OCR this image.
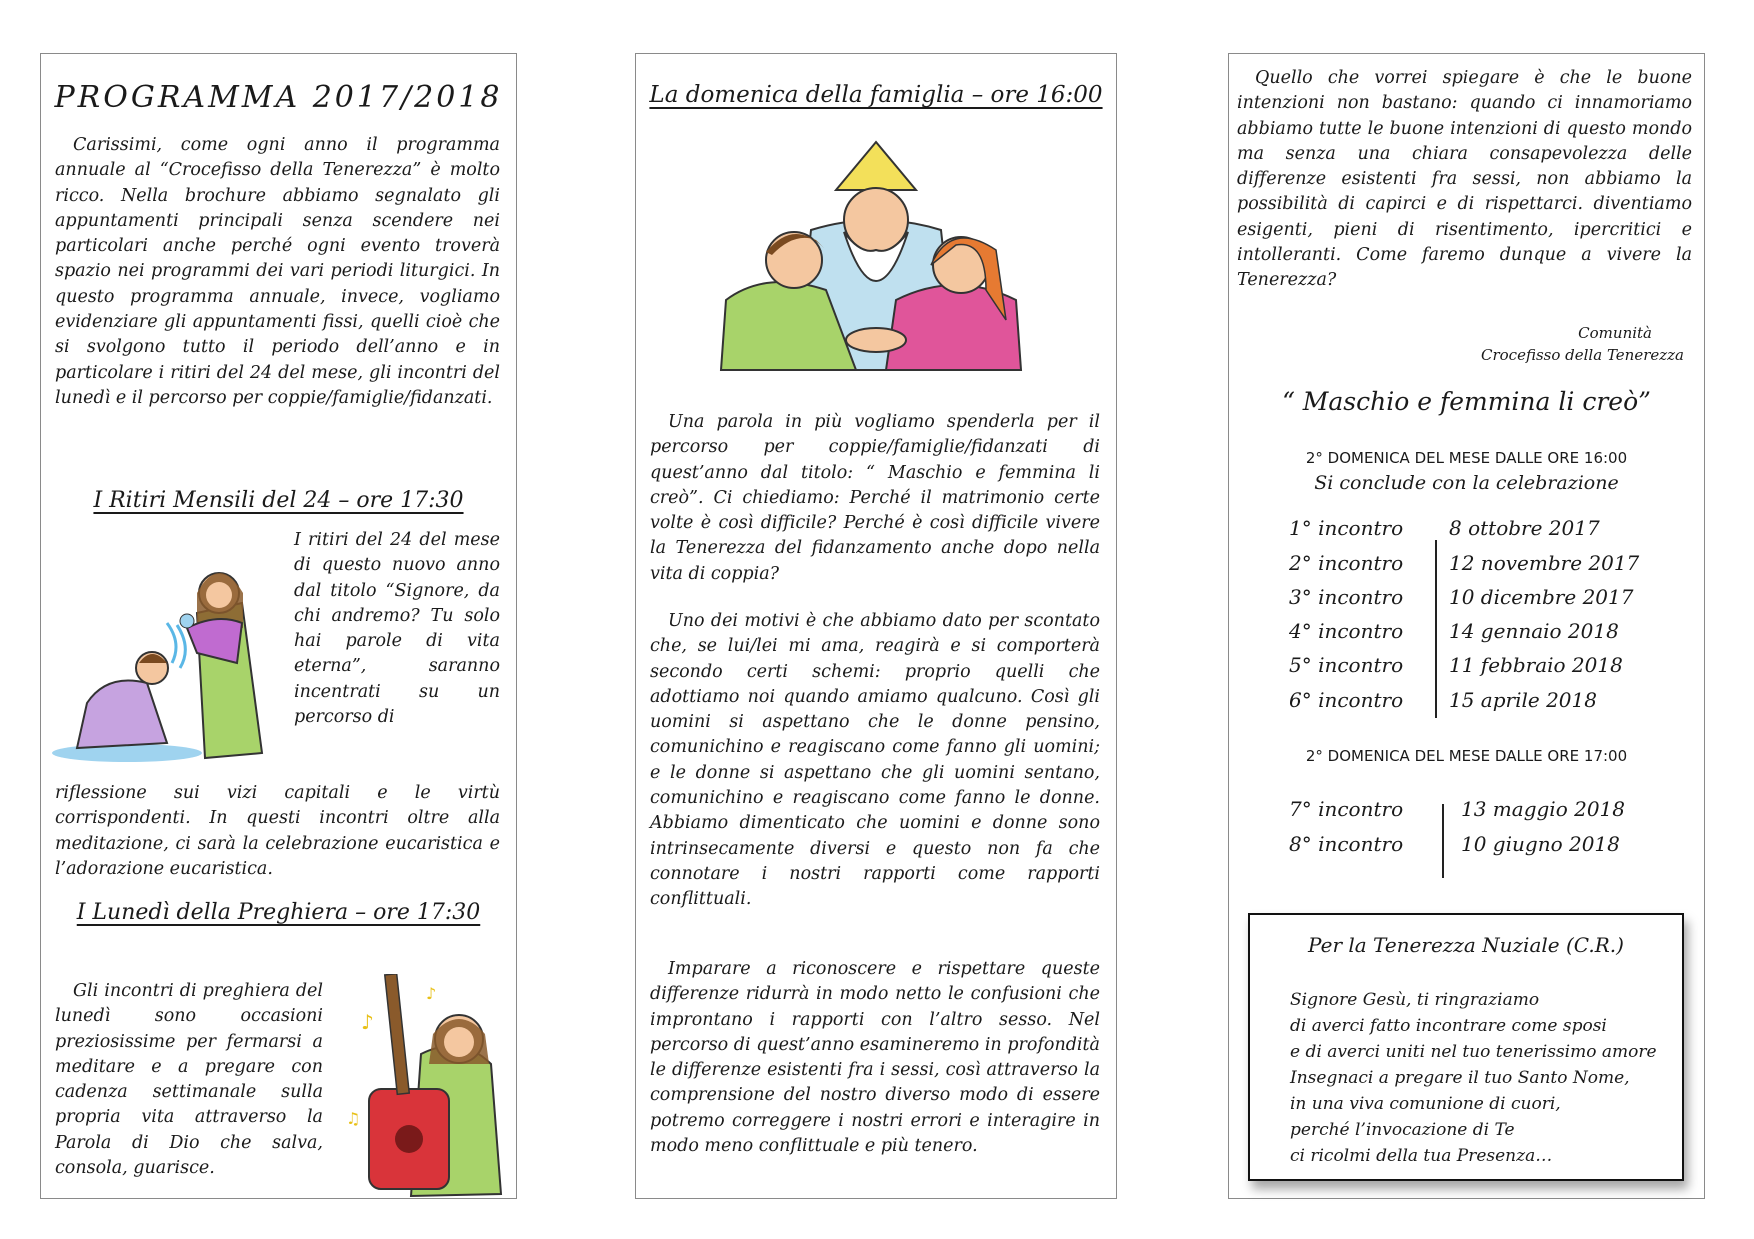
PROGRAMMA 2017/2018

Carissimi, come ogni anno il programma annuale al “Crocefisso della Tenerezza” è molto ricco. Nella brochure abbiamo segnalato gli appuntamenti principali senza scendere nei particolari anche perché ogni evento troverà spazio nei programmi dei vari periodi liturgici. In questo programma annuale, invece, vogliamo evidenziare gli appuntamenti fissi, quelli cioè che si svolgono tutto il periodo dell’anno e in particolare i ritiri del 24 del mese, gli incontri del lunedì e il percorso per coppie/famiglie/fidanzati.

I Ritiri Mensili del 24 – ore 17:30

I ritiri del 24 del mese di questo nuovo anno dal titolo “Signore, da chi andremo? Tu solo hai parole di vita eterna”, saranno incentrati su un percorso di

riflessione sui vizi capitali e le virtù corrispondenti. In questi incontri oltre alla meditazione, ci sarà la celebrazione eucaristica e l’adorazione eucaristica.

I Lunedì della Preghiera – ore 17:30

Gli incontri di preghiera del lunedì sono occasioni preziosissime per fermarsi a meditare e a pregare con cadenza settimanale sulla propria vita attraverso la Parola di Dio che salva, consola, guarisce.

♪
♫
♪
La domenica della famiglia – ore 16:00

Una parola in più vogliamo spenderla per il percorso per coppie/famiglie/fidanzati di quest’anno dal titolo: “ Maschio e femmina li creò”. Ci chiediamo: Perché il matrimonio certe volte è così difficile? Perché è così difficile vivere la Tenerezza del fidanzamento anche dopo nella vita di coppia?

Uno dei motivi è che abbiamo dato per scontato che, se lui/lei mi ama, reagirà e si comporterà secondo certi schemi: proprio quelli che adottiamo noi quando amiamo qualcuno. Così gli uomini si aspettano che le donne pensino, comunichino e reagiscano come fanno gli uomini; e le donne si aspettano che gli uomini sentano, comunichino e reagiscano come fanno le donne. Abbiamo dimenticato che uomini e donne sono intrinsecamente diversi e questo non fa che connotare i nostri rapporti come rapporti conflittuali.

Imparare a riconoscere e rispettare queste differenze ridurrà in modo netto le confusioni che improntano i rapporti con l’altro sesso. Nel percorso di quest’anno esamineremo in profondità le differenze esistenti fra i sessi, così attraverso la comprensione del nostro diverso modo di essere potremo correggere i nostri errori e interagire in modo meno conflittuale e più tenero.

Quello che vorrei spiegare è che le buone intenzioni non bastano: quando ci innamoriamo abbiamo tutte le buone intenzioni di questo mondo ma senza una chiara consapevolezza delle differenze esistenti fra sessi, non abbiamo la possibilità di capirci e di rispettarci. diventiamo esigenti, pieni di risentimento, ipercritici e intolleranti. Come faremo dunque a vivere la Tenerezza?

Comunità
Crocefisso della Tenerezza
“ Maschio e femmina li creò”
2° DOMENICA DEL MESE DALLE ORE 16:00
Si conclude con la celebrazione
1° incontro 8 ottobre 2017
2° incontro 12 novembre 2017
3° incontro 10 dicembre 2017
4° incontro 14 gennaio 2018
5° incontro 11 febbraio 2018
6° incontro 15 aprile 2018
2° DOMENICA DEL MESE DALLE ORE 17:00
7° incontro	13 maggio 2018
8° incontro	10 giugno 2018
Per la Tenerezza Nuziale (C.R.)
Signore Gesù, ti ringraziamo
di averci fatto incontrare come sposi
e di averci uniti nel tuo tenerissimo amore
Insegnaci a pregare il tuo Santo Nome,
in una viva comunione di cuori,
perché l’invocazione di Te
ci ricolmi della tua Presenza…
